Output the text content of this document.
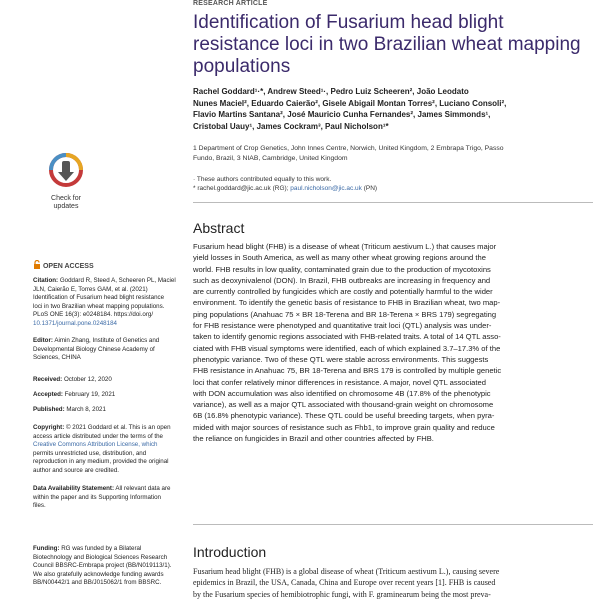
RESEARCH ARTICLE
Identification of Fusarium head blight resistance loci in two Brazilian wheat mapping populations
Rachel Goddard¹·*, Andrew Steed¹·, Pedro Luiz Scheeren², João Leodato
Nunes Maciel², Eduardo Caierão², Gisele Abigail Montan Torres², Luciano Consoli²,
Flavio Martins Santana², José Mauricio Cunha Fernandes², James Simmonds¹,
Cristobal Uauy¹, James Cockram³, Paul Nicholson¹*
1 Department of Crop Genetics, John Innes Centre, Norwich, United Kingdom, 2 Embrapa Trigo, Passo
Fundo, Brazil, 3 NIAB, Cambridge, United Kingdom
· These authors contributed equally to this work.
* rachel.goddard@jic.ac.uk (RG); paul.nicholson@jic.ac.uk (PN)
Abstract
Fusarium head blight (FHB) is a disease of wheat (Triticum aestivum L.) that causes major
yield losses in South America, as well as many other wheat growing regions around the
world. FHB results in low quality, contaminated grain due to the production of mycotoxins
such as deoxynivalenol (DON). In Brazil, FHB outbreaks are increasing in frequency and
are currently controlled by fungicides which are costly and potentially harmful to the wider
environment. To identify the genetic basis of resistance to FHB in Brazilian wheat, two map-
ping populations (Anahuac 75 × BR 18-Terena and BR 18-Terena × BRS 179) segregating
for FHB resistance were phenotyped and quantitative trait loci (QTL) analysis was under-
taken to identify genomic regions associated with FHB-related traits. A total of 14 QTL asso-
ciated with FHB visual symptoms were identified, each of which explained 3.7–17.3% of the
phenotypic variance. Two of these QTL were stable across environments. This suggests
FHB resistance in Anahuac 75, BR 18-Terena and BRS 179 is controlled by multiple genetic
loci that confer relatively minor differences in resistance. A major, novel QTL associated
with DON accumulation was also identified on chromosome 4B (17.8% of the phenotypic
variance), as well as a major QTL associated with thousand-grain weight on chromosome
6B (16.8% phenotypic variance). These QTL could be useful breeding targets, when pyra-
mided with major sources of resistance such as Fhb1, to improve grain quality and reduce
the reliance on fungicides in Brazil and other countries affected by FHB.
Introduction
Fusarium head blight (FHB) is a global disease of wheat (Triticum aestivum L.), causing severe
epidemics in Brazil, the USA, Canada, China and Europe over recent years [1]. FHB is caused
by the Fusarium species of hemibiotrophic fungi, with F. graminearum being the most preva-
Check for
updates
OPEN ACCESS
Citation: Goddard R, Steed A, Scheeren PL, Maciel
JLN, Caierão E, Torres GAM, et al. (2021)
Identification of Fusarium head blight resistance
loci in two Brazilian wheat mapping populations.
PLoS ONE 16(3): e0248184. https://doi.org/
10.1371/journal.pone.0248184
Editor: Aimin Zhang, Institute of Genetics and
Developmental Biology Chinese Academy of
Sciences, CHINA
Received: October 12, 2020
Accepted: February 19, 2021
Published: March 8, 2021
Copyright: © 2021 Goddard et al. This is an open
access article distributed under the terms of the
Creative Commons Attribution License, which
permits unrestricted use, distribution, and
reproduction in any medium, provided the original
author and source are credited.
Data Availability Statement: All relevant data are
within the paper and its Supporting Information
files.
Funding: RG was funded by a Bilateral
Biotechnology and Biological Sciences Research
Council BBSRC-Embrapa project (BB/N019113/1).
We also gratefully acknowledge funding awards
BB/N00442/1 and BB/J015062/1 from BBSRC.
